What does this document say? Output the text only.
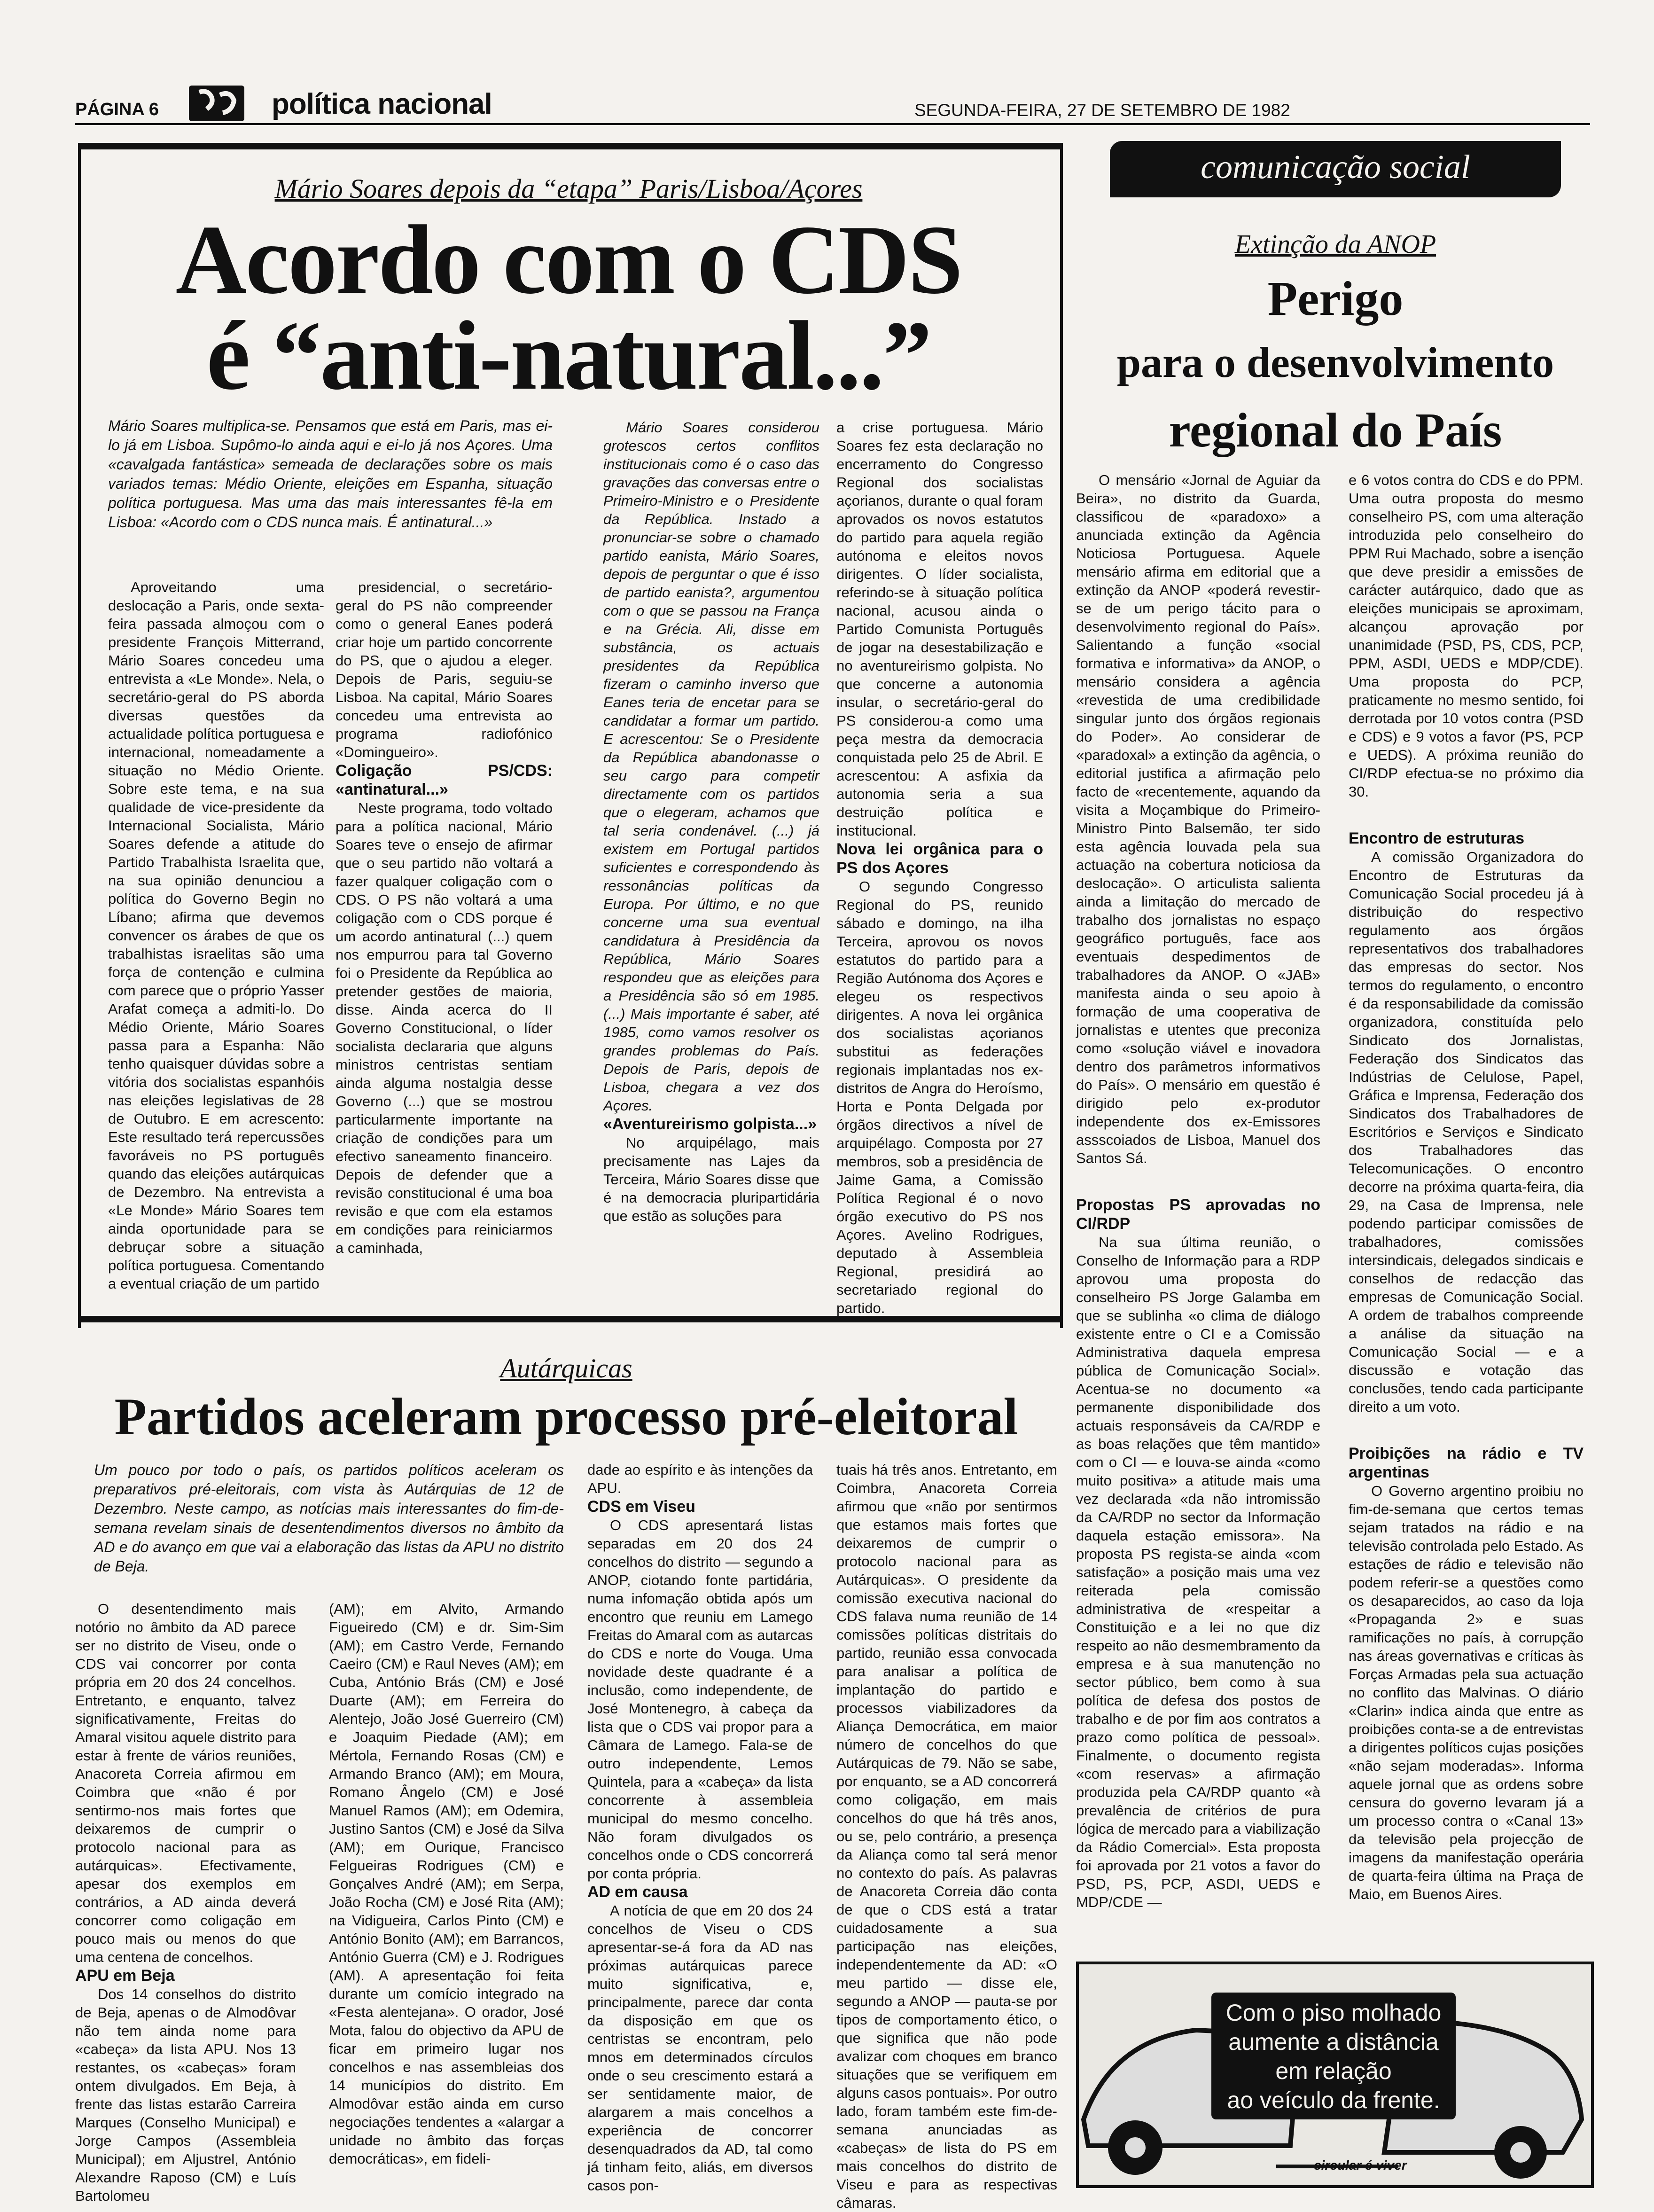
PÁGINA 6	política nacional	SEGUNDA-FEIRA, 27 DE SETEMBRO DE 1982
Mário Soares depois da “etapa” Paris/Lisboa/Açores
Acordo com o CDS
é “anti-natural...”
Mário Soares multiplica-se. Pensamos que está em Paris, mas ei-lo já em Lisboa. Supômo-lo ainda aqui e ei-lo já nos Açores. Uma «cavalgada fantástica» semeada de declarações sobre os mais variados temas: Médio Oriente, eleições em Espanha, situação política portuguesa. Mas uma das mais interessantes fê-la em Lisboa: «Acordo com o CDS nunca mais. É antinatural...»

Aproveitando uma deslocação a Paris, onde sexta-feira passada almoçou com o presidente François Mitterrand, Mário Soares concedeu uma entrevista a «Le Monde». Nela, o secretário-geral do PS aborda diversas questões da actualidade política portuguesa e internacional, nomeadamente a situação no Médio Oriente. Sobre este tema, e na sua qualidade de vice-presidente da Internacional Socialista, Mário Soares defende a atitude do Partido Trabalhista Israelita que, na sua opinião denunciou a política do Governo Begin no Líbano; afirma que devemos convencer os árabes de que os trabalhistas israelitas são uma força de contenção e culmina com parece que o próprio Yasser Arafat começa a admiti-lo. Do Médio Oriente, Mário Soares passa para a Espanha: Não tenho quaisquer dúvidas sobre a vitória dos socialistas espanhóis nas eleições legislativas de 28 de Outubro. E em acrescento: Este resultado terá repercussões favoráveis no PS português quando das eleições autárquicas de Dezembro. Na entrevista a «Le Monde» Mário Soares tem ainda oportunidade para se debruçar sobre a situação política portuguesa. Comentando a eventual criação de um partido

presidencial, o secretário-geral do PS não compreender como o general Eanes poderá criar hoje um partido concorrente do PS, que o ajudou a eleger. Depois de Paris, seguiu-se Lisboa. Na capital, Mário Soares concedeu uma entrevista ao programa radiofónico «Domingueiro».

Coligação PS/CDS: «antinatural...»

Neste programa, todo voltado para a política nacional, Mário Soares teve o ensejo de afirmar que o seu partido não voltará a fazer qualquer coligação com o CDS. O PS não voltará a uma coligação com o CDS porque é um acordo antinatural (...) quem nos empurrou para tal Governo foi o Presidente da República ao pretender gestões de maioria, disse. Ainda acerca do II Governo Constitucional, o líder socialista declararia que alguns ministros centristas sentiam ainda alguma nostalgia desse Governo (...) que se mostrou particularmente importante na criação de condições para um efectivo saneamento financeiro. Depois de defender que a revisão constitucional é uma boa revisão e que com ela estamos em condições para reiniciarmos a caminhada,

Mário Soares considerou grotescos certos conflitos institucionais como é o caso das gravações das conversas entre o Primeiro-Ministro e o Presidente da República. Instado a pronunciar-se sobre o chamado partido eanista, Mário Soares, depois de perguntar o que é isso de partido eanista?, argumentou com o que se passou na França e na Grécia. Ali, disse em substância, os actuais presidentes da República fizeram o caminho inverso que Eanes teria de encetar para se candidatar a formar um partido. E acrescentou: Se o Presidente da República abandonasse o seu cargo para competir directamente com os partidos que o elegeram, achamos que tal seria condenável. (...) já existem em Portugal partidos suficientes e correspondendo às ressonâncias políticas da Europa. Por último, e no que concerne uma sua eventual candidatura à Presidência da República, Mário Soares respondeu que as eleições para a Presidência são só em 1985.(...) Mais importante é saber, até 1985, como vamos resolver os grandes problemas do País. Depois de Paris, depois de Lisboa, chegara a vez dos Açores.

«Aventureirismo golpista...»

No arquipélago, mais precisamente nas Lajes da Terceira, Mário Soares disse que é na democracia pluripartidária que estão as soluções para

a crise portuguesa. Mário Soares fez esta declaração no encerramento do Congresso Regional dos socialistas açorianos, durante o qual foram aprovados os novos estatutos do partido para aquela região autónoma e eleitos novos dirigentes. O líder socialista, referindo-se à situação política nacional, acusou ainda o Partido Comunista Português de jogar na desestabilização e no aventureirismo golpista. No que concerne a autonomia insular, o secretário-geral do PS considerou-a como uma peça mestra da democracia conquistada pelo 25 de Abril. E acrescentou: A asfixia da autonomia seria a sua destruição política e institucional.

Nova lei orgânica para o PS dos Açores

O segundo Congresso Regional do PS, reunido sábado e domingo, na ilha Terceira, aprovou os novos estatutos do partido para a Região Autónoma dos Açores e elegeu os respectivos dirigentes. A nova lei orgânica dos socialistas açorianos substitui as federações regionais implantadas nos ex-distritos de Angra do Heroísmo, Horta e Ponta Delgada por órgãos directivos a nível de arquipélago. Composta por 27 membros, sob a presidência de Jaime Gama, a Comissão Política Regional é o novo órgão executivo do PS nos Açores. Avelino Rodrigues, deputado à Assembleia Regional, presidirá ao secretariado regional do partido.

comunicação social
Extinção da ANOP
Perigo
para o desenvolvimento
regional do País

O mensário «Jornal de Aguiar da Beira», no distrito da Guarda, classificou de «paradoxo» a anunciada extinção da Agência Noticiosa Portuguesa. Aquele mensário afirma em editorial que a extinção da ANOP «poderá revestir-se de um perigo tácito para o desenvolvimento regional do País». Salientando a função «social formativa e informativa» da ANOP, o mensário considera a agência «revestida de uma credibilidade singular junto dos órgãos regionais do Poder». Ao considerar de «paradoxal» a extinção da agência, o editorial justifica a afirmação pelo facto de «recentemente, aquando da visita a Moçambique do Primeiro-Ministro Pinto Balsemão, ter sido esta agência louvada pela sua actuação na cobertura noticiosa da deslocação». O articulista salienta ainda a limitação do mercado de trabalho dos jornalistas no espaço geográfico português, face aos eventuais despedimentos de trabalhadores da ANOP. O «JAB» manifesta ainda o seu apoio à formação de uma cooperativa de jornalistas e utentes que preconiza como «solução viável e inovadora dentro dos parâmetros informativos do País». O mensário em questão é dirigido pelo ex-produtor independente dos ex-Emissores assscoiados de Lisboa, Manuel dos Santos Sá.

Propostas PS aprovadas no CI/RDP

Na sua última reunião, o Conselho de Informação para a RDP aprovou uma proposta do conselheiro PS Jorge Galamba em que se sublinha «o clima de diálogo existente entre o CI e a Comissão Administrativa daquela empresa pública de Comunicação Social». Acentua-se no documento «a permanente disponibilidade dos actuais responsáveis da CA/RDP e as boas relações que têm mantido» com o CI — e louva-se ainda «como muito positiva» a atitude mais uma vez declarada «da não intromissão da CA/RDP no sector da Informação daquela estação emissora». Na proposta PS regista-se ainda «com satisfação» a posição mais uma vez reiterada pela comissão administrativa de «respeitar a Constituição e a lei no que diz respeito ao não desmembramento da empresa e à sua manutenção no sector público, bem como à sua política de defesa dos postos de trabalho e de por fim aos contratos a prazo como política de pessoal». Finalmente, o documento regista «com reservas» a afirmação produzida pela CA/RDP quanto «à prevalência de critérios de pura lógica de mercado para a viabilização da Rádio Comercial». Esta proposta foi aprovada por 21 votos a favor do PSD, PS, PCP, ASDI, UEDS e MDP/CDE —

e 6 votos contra do CDS e do PPM. Uma outra proposta do mesmo conselheiro PS, com uma alteração introduzida pelo conselheiro do PPM Rui Machado, sobre a isenção que deve presidir a emissões de carácter autárquico, dado que as eleições municipais se aproximam, alcançou aprovação por unanimidade (PSD, PS, CDS, PCP, PPM, ASDI, UEDS e MDP/CDE). Uma proposta do PCP, praticamente no mesmo sentido, foi derrotada por 10 votos contra (PSD e CDS) e 9 votos a favor (PS, PCP e UEDS). A próxima reunião do CI/RDP efectua-se no próximo dia 30.

Encontro de estruturas

A comissão Organizadora do Encontro de Estruturas da Comunicação Social procedeu já à distribuição do respectivo regulamento aos órgãos representativos dos trabalhadores das empresas do sector. Nos termos do regulamento, o encontro é da responsabilidade da comissão organizadora, constituída pelo Sindicato dos Jornalistas, Federação dos Sindicatos das Indústrias de Celulose, Papel, Gráfica e Imprensa, Federação dos Sindicatos dos Trabalhadores de Escritórios e Serviços e Sindicato dos Trabalhadores das Telecomunicações. O encontro decorre na próxima quarta-feira, dia 29, na Casa de Imprensa, nele podendo participar comissões de trabalhadores, comissões intersindicais, delegados sindicais e conselhos de redacção das empresas de Comunicação Social. A ordem de trabalhos compreende a análise da situação na Comunicação Social — e a discussão e votação das conclusões, tendo cada participante direito a um voto.

Proibições na rádio e TV argentinas

O Governo argentino proibiu no fim-de-semana que certos temas sejam tratados na rádio e na televisão controlada pelo Estado. As estações de rádio e televisão não podem referir-se a questões como os desaparecidos, ao caso da loja «Propaganda 2» e suas ramificações no país, à corrupção nas áreas governativas e críticas às Forças Armadas pela sua actuação no conflito das Malvinas. O diário «Clarin» indica ainda que entre as proibições conta-se a de entrevistas a dirigentes políticos cujas posições «não sejam moderadas». Informa aquele jornal que as ordens sobre censura do governo levaram já a um processo contra o «Canal 13» da televisão pela projecção de imagens da manifestação operária de quarta-feira última na Praça de Maio, em Buenos Aires.

Com o piso molhado
aumente a distância
em relação
ao veículo da frente.
circular é viver
Autárquicas
Partidos aceleram processo pré-eleitoral
Um pouco por todo o país, os partidos políticos aceleram os preparativos pré-eleitorais, com vista às Autárquias de 12 de Dezembro. Neste campo, as notícias mais interessantes do fim-de-semana revelam sinais de desentendimentos diversos no âmbito da AD e do avanço em que vai a elaboração das listas da APU no distrito de Beja.

O desentendimento mais notório no âmbito da AD parece ser no distrito de Viseu, onde o CDS vai concorrer por conta própria em 20 dos 24 concelhos. Entretanto, e enquanto, talvez significativamente, Freitas do Amaral visitou aquele distrito para estar à frente de vários reuniões, Anacoreta Correia afirmou em Coimbra que «não é por sentirmo-nos mais fortes que deixaremos de cumprir o protocolo nacional para as autárquicas». Efectivamente, apesar dos exemplos em contrários, a AD ainda deverá concorrer como coligação em pouco mais ou menos do que uma centena de concelhos.

APU em Beja

Dos 14 conselhos do distrito de Beja, apenas o de Almodôvar não tem ainda nome para «cabeça» da lista APU. Nos 13 restantes, os «cabeças» foram ontem divulgados. Em Beja, à frente das listas estarão Carreira Marques (Conselho Municipal) e Jorge Campos (Assembleia Municipal); em Aljustrel, António Alexandre Raposo (CM) e Luís Bartolomeu

(AM); em Alvito, Armando Figueiredo (CM) e dr. Sim-Sim (AM); em Castro Verde, Fernando Caeiro (CM) e Raul Neves (AM); em Cuba, António Brás (CM) e José Duarte (AM); em Ferreira do Alentejo, João José Guerreiro (CM) e Joaquim Piedade (AM); em Mértola, Fernando Rosas (CM) e Armando Branco (AM); em Moura, Romano Ângelo (CM) e José Manuel Ramos (AM); em Odemira, Justino Santos (CM) e José da Silva (AM); em Ourique, Francisco Felgueiras Rodrigues (CM) e Gonçalves André (AM); em Serpa, João Rocha (CM) e José Rita (AM); na Vidigueira, Carlos Pinto (CM) e António Bonito (AM); em Barrancos, António Guerra (CM) e J. Rodrigues (AM). A apresentação foi feita durante um comício integrado na «Festa alentejana». O orador, José Mota, falou do objectivo da APU de ficar em primeiro lugar nos concelhos e nas assembleias dos 14 municípios do distrito. Em Almodôvar estão ainda em curso negociações tendentes a «alargar a unidade no âmbito das forças democráticas», em fideli-

dade ao espírito e às intenções da APU.

CDS em Viseu

O CDS apresentará listas separadas em 20 dos 24 concelhos do distrito — segundo a ANOP, ciotando fonte partidária, numa infomação obtida após um encontro que reuniu em Lamego Freitas do Amaral com as autarcas do CDS e norte do Vouga. Uma novidade deste quadrante é a inclusão, como independente, de José Montenegro, à cabeça da lista que o CDS vai propor para a Câmara de Lamego. Fala-se de outro independente, Lemos Quintela, para a «cabeça» da lista concorrente à assembleia municipal do mesmo concelho. Não foram divulgados os concelhos onde o CDS concorrerá por conta própria.

AD em causa

A notícia de que em 20 dos 24 concelhos de Viseu o CDS apresentar-se-á fora da AD nas próximas autárquicas parece muito significativa, e, principalmente, parece dar conta da disposição em que os centristas se encontram, pelo mnos em determinados círculos onde o seu crescimento estará a ser sentidamente maior, de alargarem a mais concelhos a experiência de concorrer desenquadrados da AD, tal como já tinham feito, aliás, em diversos casos pon-

tuais há três anos. Entretanto, em Coimbra, Anacoreta Correia afirmou que «não por sentirmos que estamos mais fortes que deixaremos de cumprir o protocolo nacional para as Autárquicas». O presidente da comissão executiva nacional do CDS falava numa reunião de 14 comissões políticas distritais do partido, reunião essa convocada para analisar a política de implantação do partido e processos viabilizadores da Aliança Democrática, em maior número de concelhos do que Autárquicas de 79. Não se sabe, por enquanto, se a AD concorrerá como coligação, em mais concelhos do que há três anos, ou se, pelo contrário, a presença da Aliança como tal será menor no contexto do país. As palavras de Anacoreta Correia dão conta de que o CDS está a tratar cuidadosamente a sua participação nas eleições, independentemente da AD: «O meu partido — disse ele, segundo a ANOP — pauta-se por tipos de comportamento ético, o que significa que não pode avalizar com choques em branco situações que se verifiquem em alguns casos pontuais». Por outro lado, foram também este fim-de-semana anunciadas as «cabeças» de lista do PS em mais concelhos do distrito de Viseu e para as respectivas câmaras.
